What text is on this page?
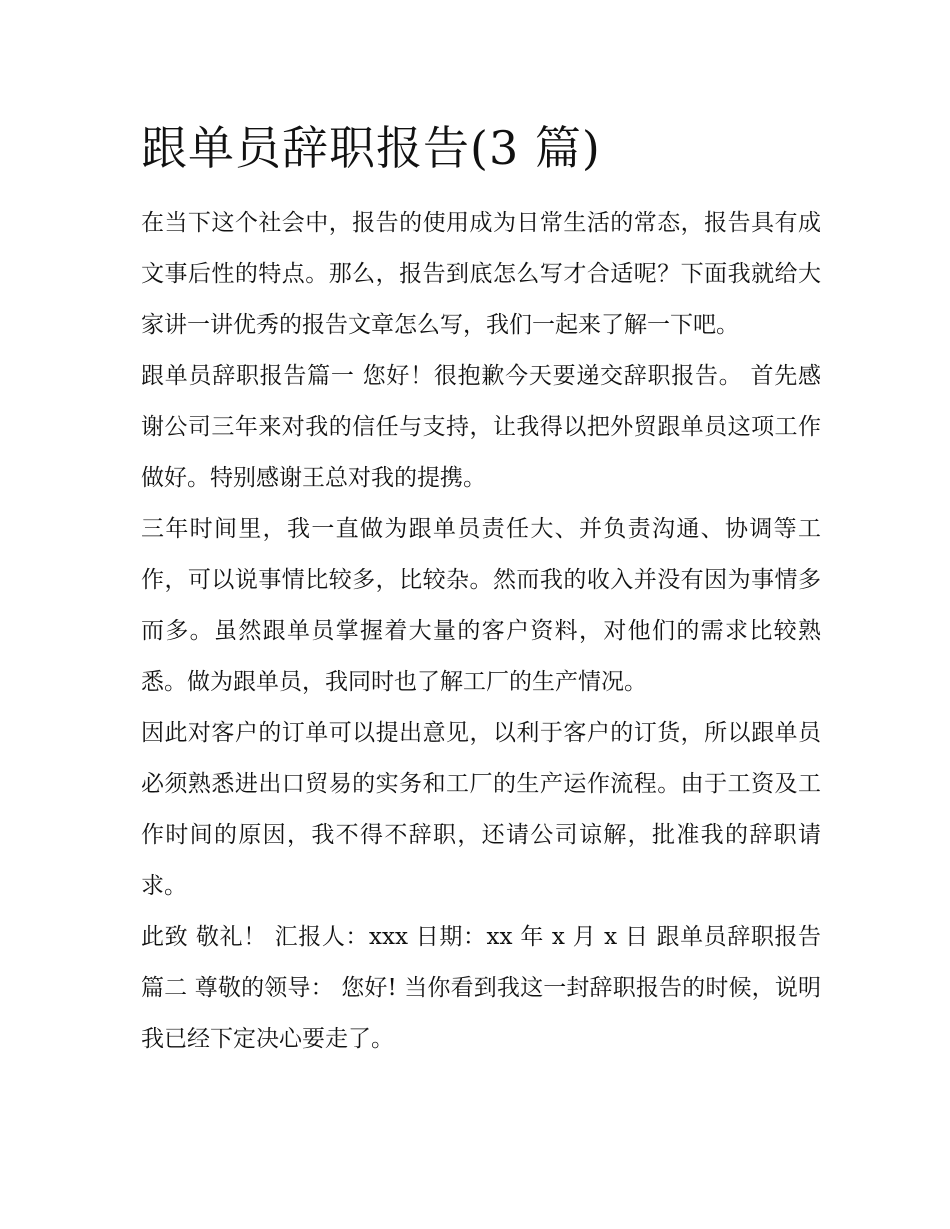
跟单员辞职报告(3 篇)

在当下这个社会中，报告的使用成为日常生活的常态，报告具有成文事后性的特点。那么，报告到底怎么写才合适呢？下面我就给大家讲一讲优秀的报告文章怎么写，我们一起来了解一下吧。

跟单员辞职报告篇一 您好！很抱歉今天要递交辞职报告。 首先感谢公司三年来对我的信任与支持，让我得以把外贸跟单员这项工作做好。特别感谢王总对我的提携。

三年时间里，我一直做为跟单员责任大、并负责沟通、协调等工作，可以说事情比较多，比较杂。然而我的收入并没有因为事情多而多。虽然跟单员掌握着大量的客户资料，对他们的需求比较熟悉。做为跟单员，我同时也了解工厂的生产情况。

因此对客户的订单可以提出意见，以利于客户的订货，所以跟单员必须熟悉进出口贸易的实务和工厂的生产运作流程。由于工资及工作时间的原因，我不得不辞职，还请公司谅解，批准我的辞职请求。

此致 敬礼！ 汇报人：xxx 日期：xx 年 x 月 x 日 跟单员辞职报告篇二 尊敬的领导： 您好! 当你看到我这一封辞职报告的时候，说明我已经下定决心要走了。
